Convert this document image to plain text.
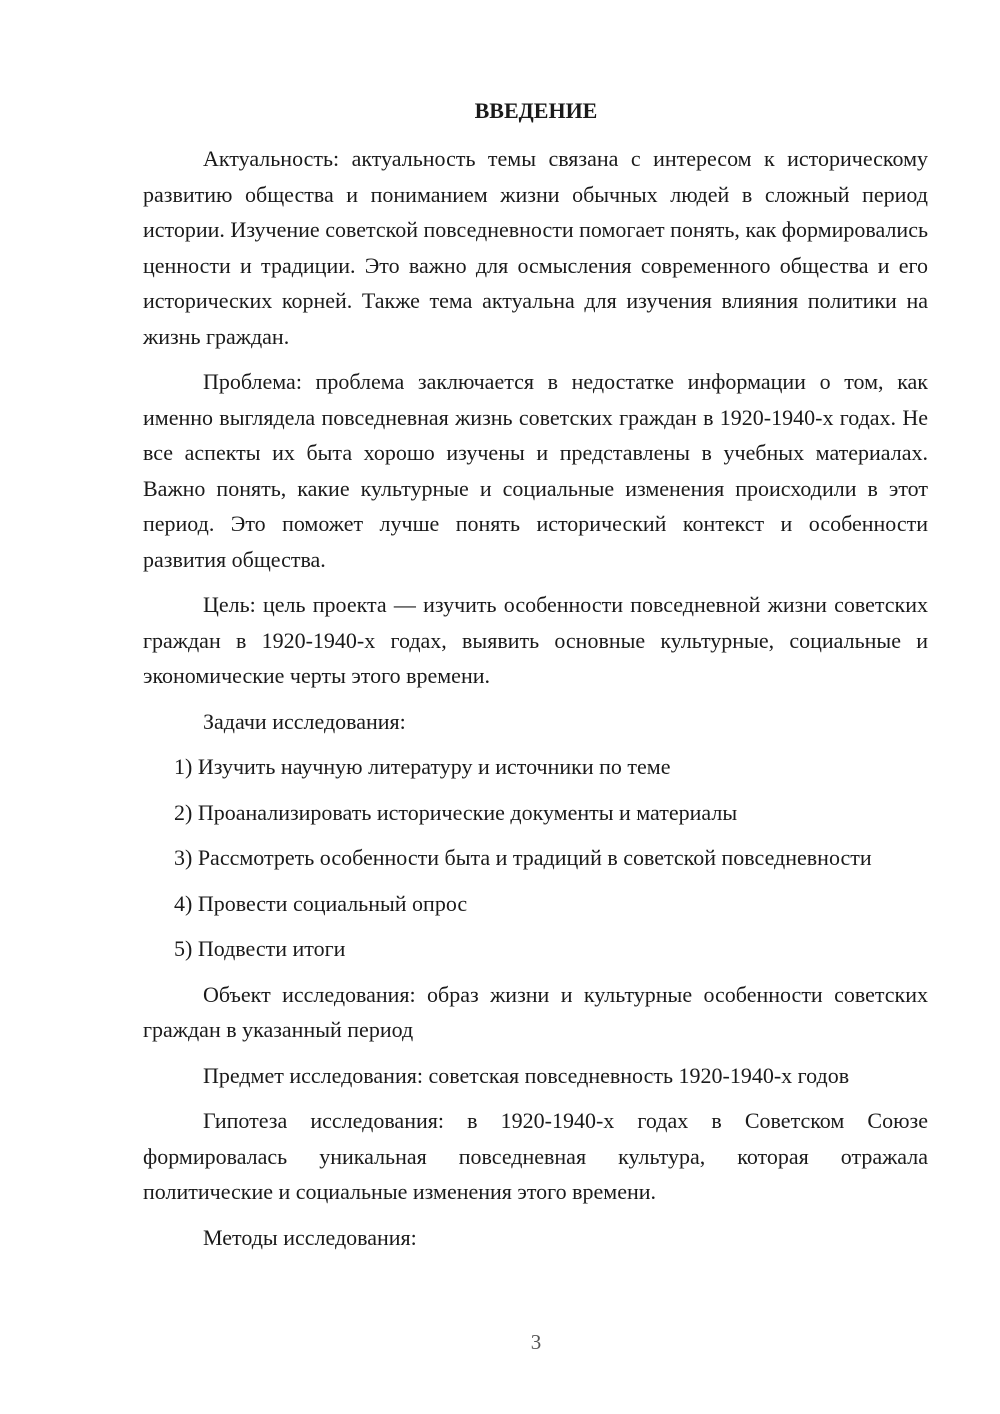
ВВЕДЕНИЕ

Актуальность: актуальность темы связана с интересом к историческому развитию общества и пониманием жизни обычных людей в сложный период истории. Изучение советской повседневности помогает понять, как формировались ценности и традиции. Это важно для осмысления современного общества и его исторических корней. Также тема актуальна для изучения влияния политики на жизнь граждан.

Проблема: проблема заключается в недостатке информации о том, как именно выглядела повседневная жизнь советских граждан в 1920-1940-х годах. Не все аспекты их быта хорошо изучены и представлены в учебных материалах. Важно понять, какие культурные и социальные изменения происходили в этот период. Это поможет лучше понять исторический контекст и особенности развития общества.

Цель: цель проекта — изучить особенности повседневной жизни советских граждан в 1920-1940-х годах, выявить основные культурные, социальные и экономические черты этого времени.

Задачи исследования:

1) Изучить научную литературу и источники по теме

2) Проанализировать исторические документы и материалы

3) Рассмотреть особенности быта и традиций в советской повседневности

4) Провести социальный опрос

5) Подвести итоги

Объект исследования: образ жизни и культурные особенности советских граждан в указанный период

Предмет исследования: советская повседневность 1920-1940-х годов

Гипотеза исследования: в 1920-1940-х годах в Советском Союзе формировалась уникальная повседневная культура, которая отражала политические и социальные изменения этого времени.

Методы исследования:

3
